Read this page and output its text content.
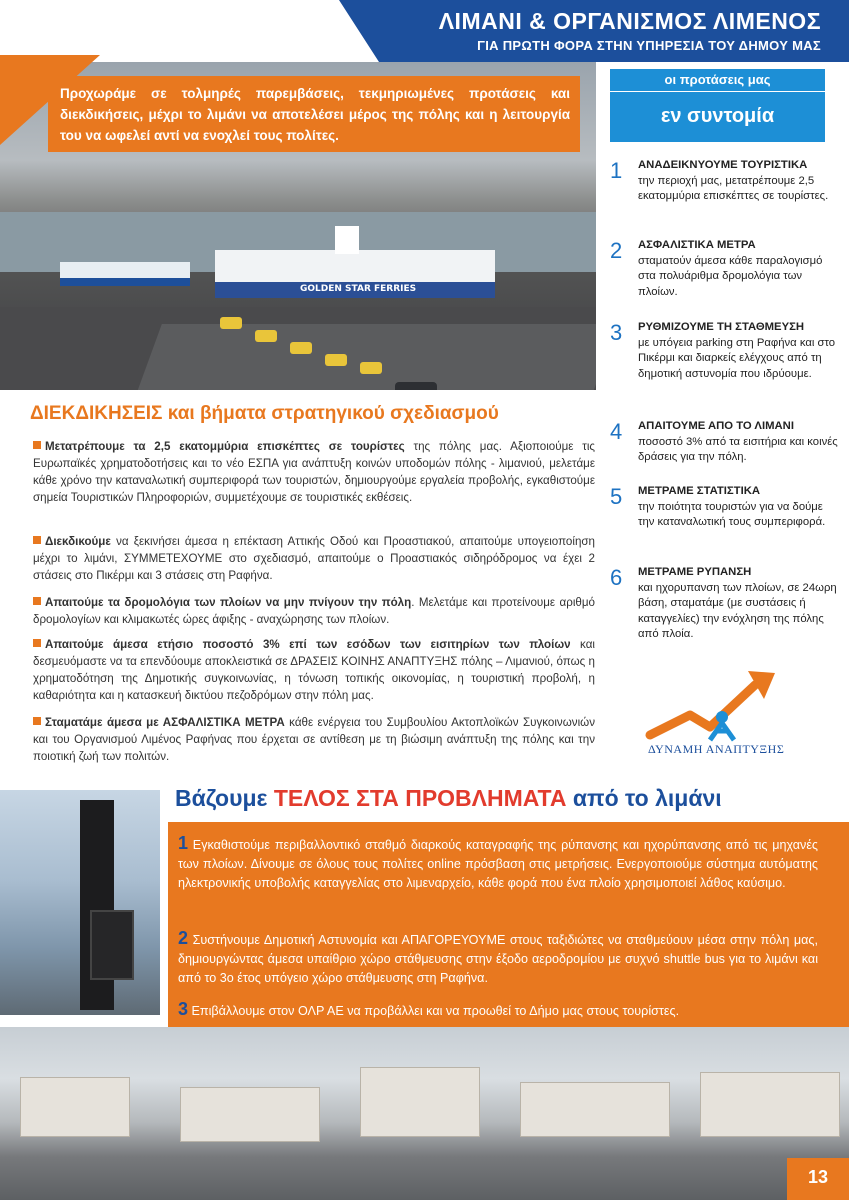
ΛΙΜΑΝΙ & ΟΡΓΑΝΙΣΜΟΣ ΛΙΜΕΝΟΣ
ΓΙΑ ΠΡΩΤΗ ΦΟΡΑ ΣΤΗΝ ΥΠΗΡΕΣΙΑ ΤΟΥ ΔΗΜΟΥ ΜΑΣ
GOLDEN STAR FERRIES

Προχωράμε σε τολμηρές παρεμβάσεις, τεκμηριωμένες προτάσεις και διεκδικήσεις, μέχρι το λιμάνι να αποτελέσει μέρος της πόλης και η λειτουργία του να ωφελεί αντί να ενοχλεί τους πολίτες.

οι προτάσεις μας
εν συντομία
1 ΑΝΑΔΕΙΚΝΥΟΥΜΕ ΤΟΥΡΙΣΤΙΚΑ
την περιοχή μας, μετατρέπουμε 2,5 εκατομμύρια επισκέπτες σε τουρίστες.
2 ΑΣΦΑΛΙΣΤΙΚΑ ΜΕΤΡΑ
σταματούν άμεσα κάθε παραλογισμό στα πολυάριθμα δρομολόγια των πλοίων.
3 ΡΥΘΜΙΖΟΥΜΕ ΤΗ ΣΤΑΘΜΕΥΣΗ
με υπόγεια parking στη Ραφήνα και στο Πικέρμι και διαρκείς ελέγχους από τη δημοτική αστυνομία που ιδρύουμε.
4 ΑΠΑΙΤΟΥΜΕ ΑΠΟ ΤΟ ΛΙΜΑΝΙ
ποσοστό 3% από τα εισιτήρια και κοινές δράσεις για την πόλη.
5 ΜΕΤΡΑΜΕ ΣΤΑΤΙΣΤΙΚΑ
την ποιότητα τουριστών για να δούμε την καταναλωτική τους συμπεριφορά.
6 ΜΕΤΡΑΜΕ ΡΥΠΑΝΣΗ
και ηχορυπανση των πλοίων, σε 24ωρη βάση, σταματάμε (με συστάσεις ή καταγγελίες) την ενόχληση της πόλης από πλοία.
ΔΥΝΑΜΗ ΑΝΑΠΤΥΞΗΣ
ΔΙΕΚΔΙΚΗΣΕΙΣ και βήματα στρατηγικού σχεδιασμού
Μετατρέπουμε τα 2,5 εκατομμύρια επισκέπτες σε τουρίστες της πόλης μας. Αξιοποιούμε τις Ευρωπαϊκές χρηματοδοτήσεις και το νέο ΕΣΠΑ για ανάπτυξη κοινών υποδομών πόλης - λιμανιού, μελετάμε κάθε χρόνο την καταναλωτική συμπεριφορά των τουριστών, δημιουργούμε εργαλεία προβολής, εγκαθιστούμε σημεία Τουριστικών Πληροφοριών, συμμετέχουμε σε τουριστικές εκθέσεις.
Διεκδικούμε να ξεκινήσει άμεσα η επέκταση Αττικής Οδού και Προαστιακού, απαιτούμε υπογειοποίηση μέχρι το λιμάνι, ΣΥΜΜΕΤΕΧΟΥΜΕ στο σχεδιασμό, απαιτούμε ο Προαστιακός σιδηρόδρομος να έχει 2 στάσεις στο Πικέρμι και 3 στάσεις στη Ραφήνα.
Απαιτούμε τα δρομολόγια των πλοίων να μην πνίγουν την πόλη. Μελετάμε και προτείνουμε αριθμό δρομολογίων και κλιμακωτές ώρες άφιξης - αναχώρησης των πλοίων.
Απαιτούμε άμεσα ετήσιο ποσοστό 3% επί των εσόδων των εισιτηρίων των πλοίων και δεσμευόμαστε να τα επενδύουμε αποκλειστικά σε ΔΡΑΣΕΙΣ ΚΟΙΝΗΣ ΑΝΑΠΤΥΞΗΣ πόλης – Λιμανιού, όπως η χρηματοδότηση της Δημοτικής συγκοινωνίας, η τόνωση τοπικής οικονομίας, η τουριστική προβολή, η καθαριότητα και η κατασκευή δικτύου πεζοδρόμων στην πόλη μας.
Σταματάμε άμεσα με ΑΣΦΑΛΙΣΤΙΚΑ ΜΕΤΡΑ κάθε ενέργεια του Συμβουλίου Ακτοπλοϊκών Συγκοινωνιών και του Οργανισμού Λιμένος Ραφήνας που έρχεται σε αντίθεση με τη βιώσιμη ανάπτυξη της πόλης και την ποιοτική ζωή των πολιτών.
Βάζουμε ΤΕΛΟΣ ΣΤΑ ΠΡΟΒΛΗΜΑΤΑ από το λιμάνι
1 Εγκαθιστούμε περιβαλλοντικό σταθμό διαρκούς καταγραφής της ρύπανσης και ηχορύπανσης από τις μηχανές των πλοίων. Δίνουμε σε όλους τους πολίτες online πρόσβαση στις μετρήσεις. Ενεργοποιούμε σύστημα αυτόματης ηλεκτρονικής υποβολής καταγγελίας στο λιμεναρχείο, κάθε φορά που ένα πλοίο χρησιμοποιεί λάθος καύσιμο.
2 Συστήνουμε Δημοτική Αστυνομία και ΑΠΑΓΟΡΕΥΟΥΜΕ στους ταξιδιώτες να σταθμεύουν μέσα στην πόλη μας, δημιουργώντας άμεσα υπαίθριο χώρο στάθμευσης στην έξοδο αεροδρομίου με συχνό shuttle bus για το λιμάνι και από το 3ο έτος υπόγειο χώρο στάθμευσης στη Ραφήνα.
3 Επιβάλλουμε στον ΟΛΡ ΑΕ να προβάλλει και να προωθεί το Δήμο μας στους τουρίστες.
13
